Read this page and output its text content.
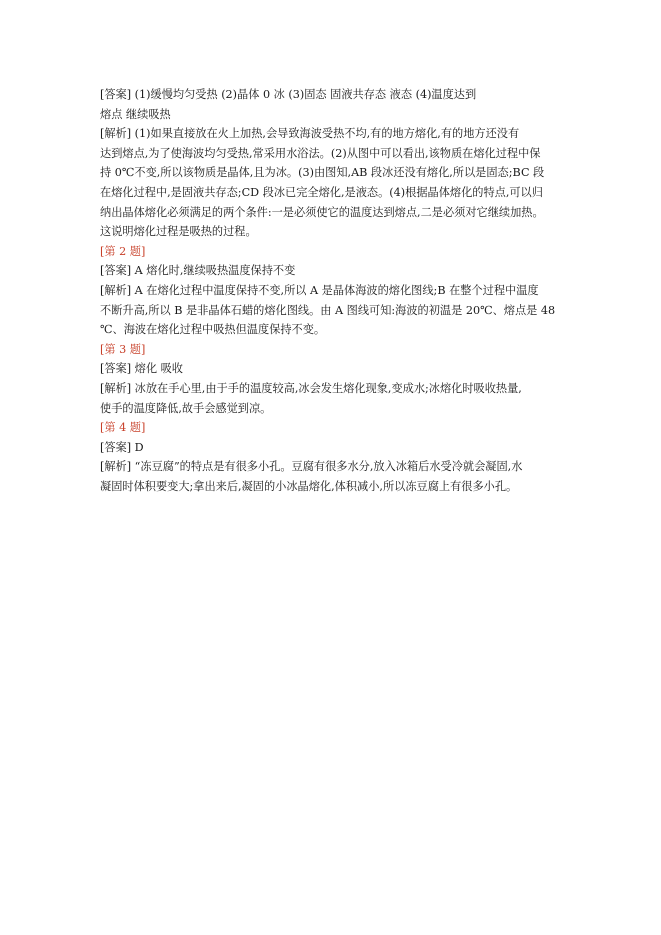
[答案] (1)缓慢均匀受热 (2)晶体 0 冰 (3)固态 固液共存态 液态 (4)温度达到
熔点 继续吸热
[解析] (1)如果直接放在火上加热,会导致海波受热不均,有的地方熔化,有的地方还没有
达到熔点,为了使海波均匀受热,常采用水浴法。(2)从图中可以看出,该物质在熔化过程中保
持 0℃不变,所以该物质是晶体,且为冰。(3)由图知,AB 段冰还没有熔化,所以是固态;BC 段
在熔化过程中,是固液共存态;CD 段冰已完全熔化,是液态。(4)根据晶体熔化的特点,可以归
纳出晶体熔化必须满足的两个条件:一是必须使它的温度达到熔点,二是必须对它继续加热。
这说明熔化过程是吸热的过程。
[第 2 题]
[答案] A 熔化时,继续吸热温度保持不变
[解析] A 在熔化过程中温度保持不变,所以 A 是晶体海波的熔化图线;B 在整个过程中温度
不断升高,所以 B 是非晶体石蜡的熔化图线。由 A 图线可知:海波的初温是 20℃、熔点是 48
℃、海波在熔化过程中吸热但温度保持不变。
[第 3 题]
[答案] 熔化 吸收
[解析] 冰放在手心里,由于手的温度较高,冰会发生熔化现象,变成水;冰熔化时吸收热量,
使手的温度降低,故手会感觉到凉。
[第 4 题]
[答案] D
[解析] “冻豆腐”的特点是有很多小孔。豆腐有很多水分,放入冰箱后水受冷就会凝固,水
凝固时体积要变大;拿出来后,凝固的小冰晶熔化,体积减小,所以冻豆腐上有很多小孔。
